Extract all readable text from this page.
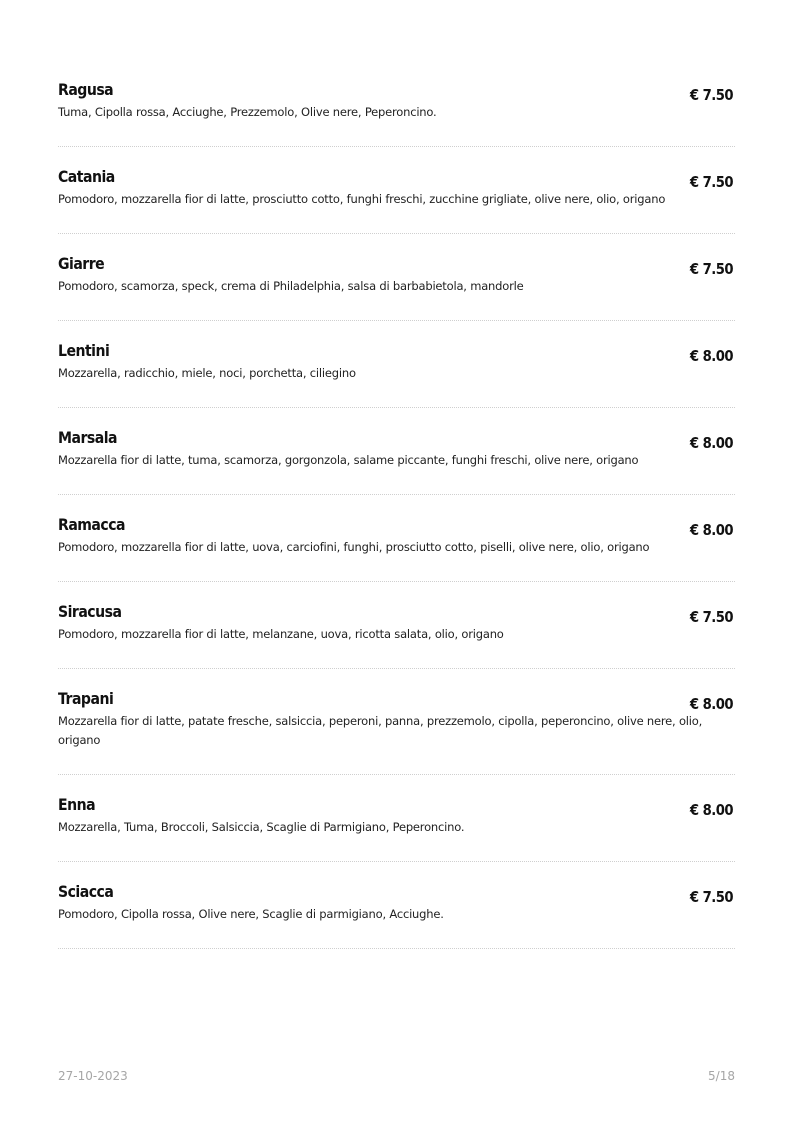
Ragusa	€ 7.50
Tuma, Cipolla rossa, Acciughe, Prezzemolo, Olive nere, Peperoncino.
Catania	€ 7.50
Pomodoro, mozzarella fior di latte, prosciutto cotto, funghi freschi, zucchine grigliate, olive nere, olio, origano
Giarre	€ 7.50
Pomodoro, scamorza, speck, crema di Philadelphia, salsa di barbabietola, mandorle
Lentini	€ 8.00
Mozzarella, radicchio, miele, noci, porchetta, ciliegino
Marsala	€ 8.00
Mozzarella fior di latte, tuma, scamorza, gorgonzola, salame piccante, funghi freschi, olive nere, origano
Ramacca	€ 8.00
Pomodoro, mozzarella fior di latte, uova, carciofini, funghi, prosciutto cotto, piselli, olive nere, olio, origano
Siracusa	€ 7.50
Pomodoro, mozzarella fior di latte, melanzane, uova, ricotta salata, olio, origano
Trapani	€ 8.00
Mozzarella fior di latte, patate fresche, salsiccia, peperoni, panna, prezzemolo, cipolla, peperoncino, olive nere, olio, origano
Enna	€ 8.00
Mozzarella, Tuma, Broccoli, Salsiccia, Scaglie di Parmigiano, Peperoncino.
Sciacca	€ 7.50
Pomodoro, Cipolla rossa, Olive nere, Scaglie di parmigiano, Acciughe.
27-10-2023	5/18
